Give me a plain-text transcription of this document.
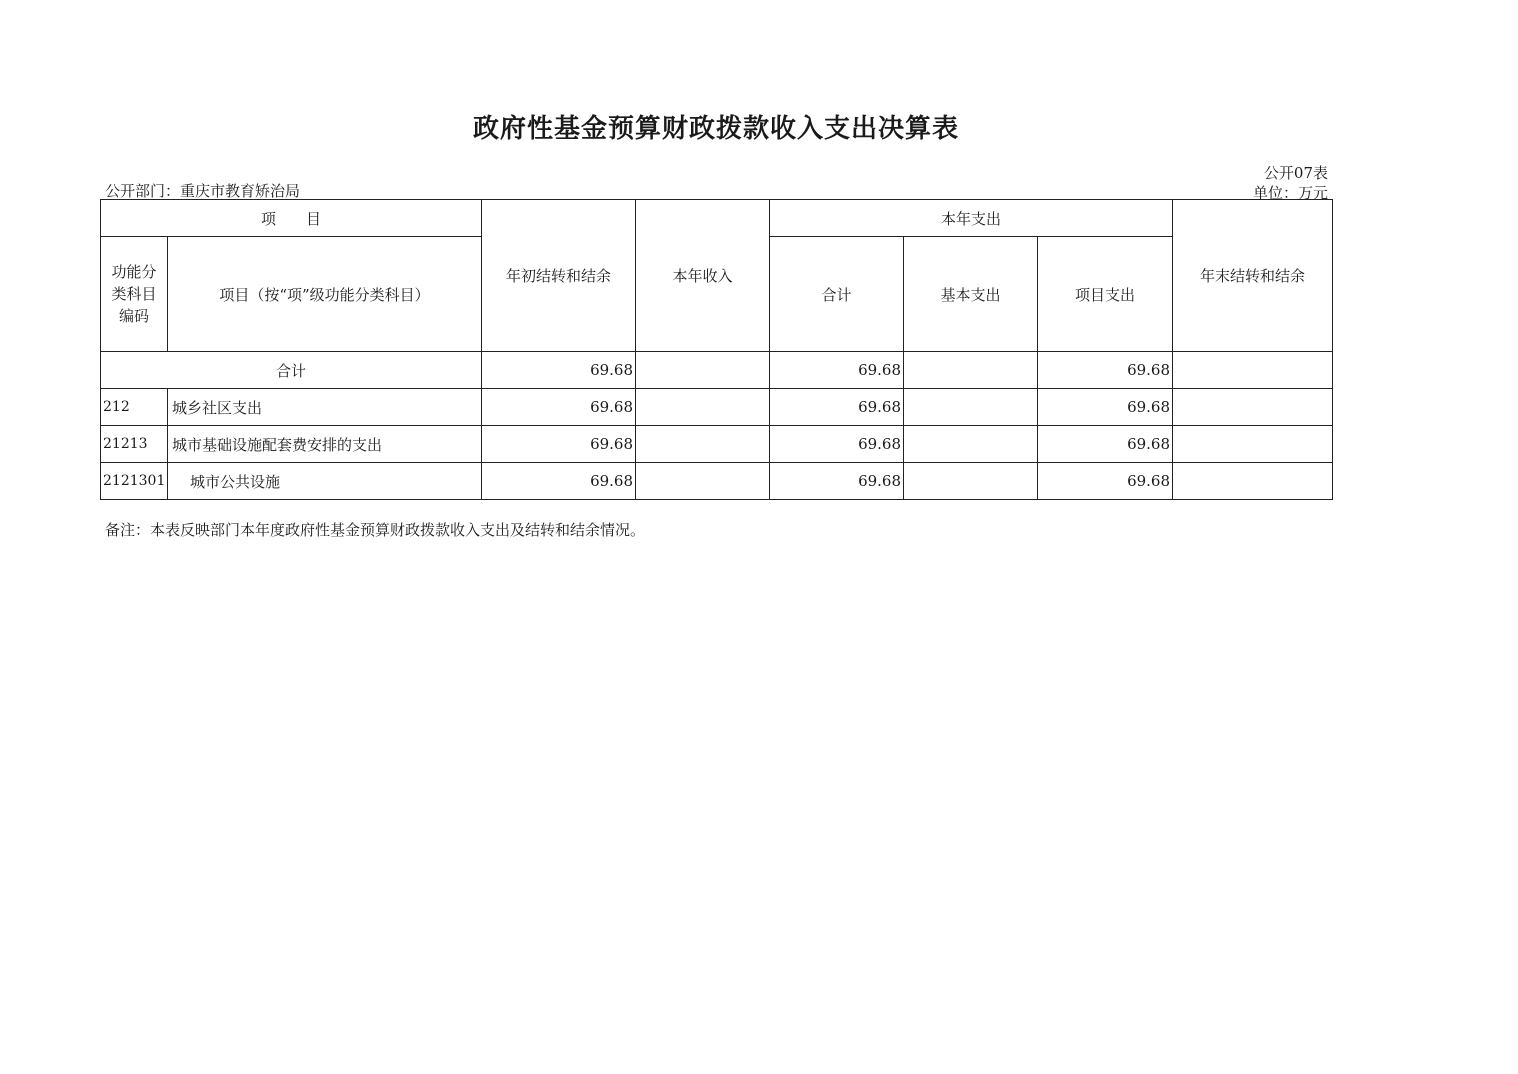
政府性基金预算财政拨款收入支出决算表
公开07表
公开部门：重庆市教育矫治局	单位：万元
项　　目		年初结转和结余	本年收入	本年支出			年末结转和结余
功能分类科目编码	项目（按“项”级功能分类科目）			合计	基本支出	项目支出	
合计		69.68		69.68		69.68	
212	城乡社区支出	69.68		69.68		69.68	
21213	城市基础设施配套费安排的支出	69.68		69.68		69.68	
2121301	城市公共设施	69.68		69.68		69.68	
备注：本表反映部门本年度政府性基金预算财政拨款收入支出及结转和结余情况。
